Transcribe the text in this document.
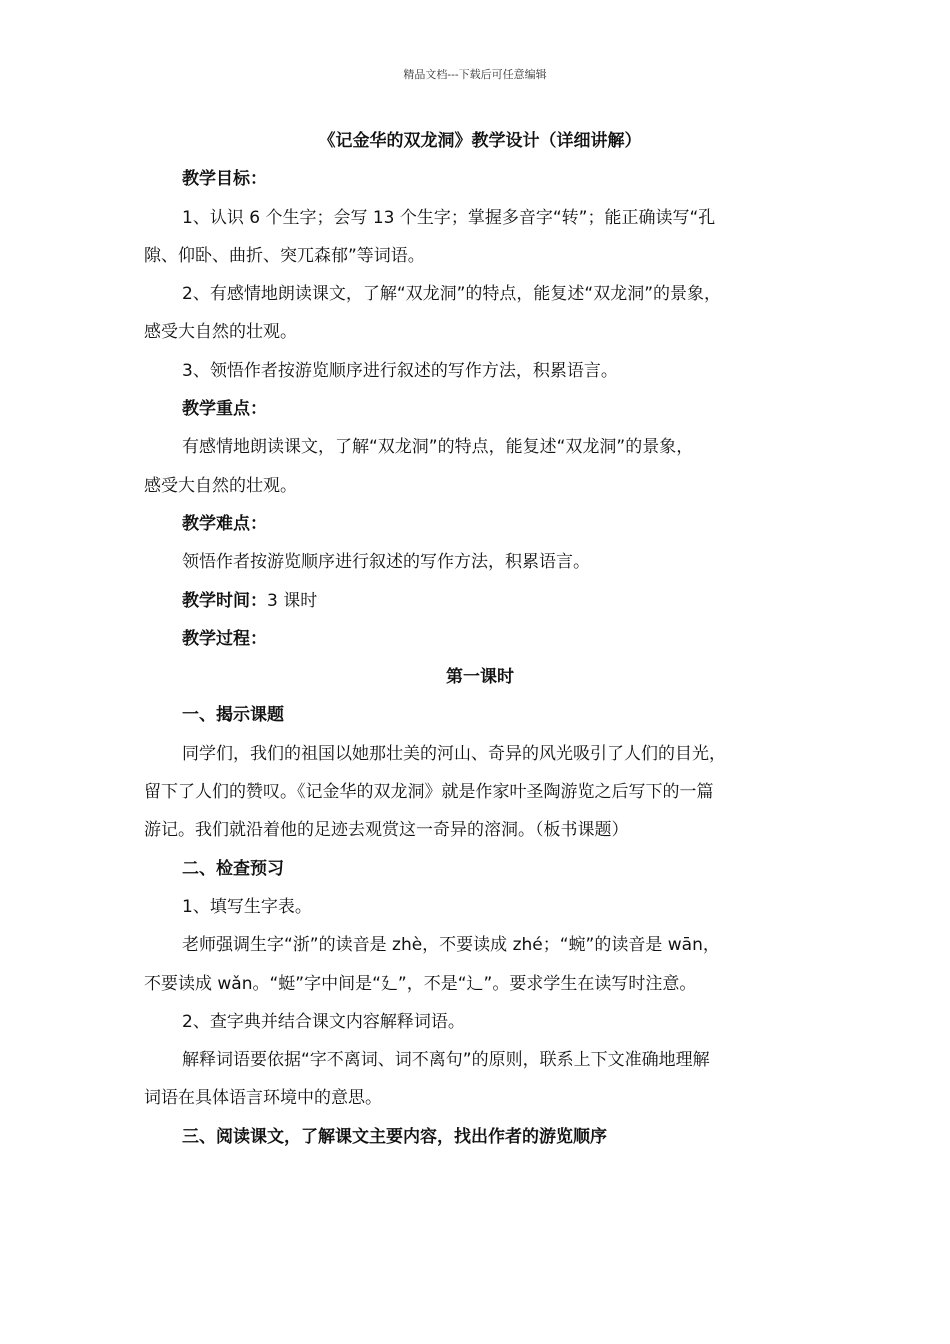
精品文档---下载后可任意编辑
《记金华的双龙洞》教学设计（详细讲解）
教学目标：
1、认识 6 个生字；会写 13 个生字；掌握多音字“转”；能正确读写“孔
隙、仰卧、曲折、突兀森郁”等词语。
2、有感情地朗读课文，了解“双龙洞”的特点，能复述“双龙洞”的景象，
感受大自然的壮观。
3、领悟作者按游览顺序进行叙述的写作方法，积累语言。
教学重点：
有感情地朗读课文，了解“双龙洞”的特点，能复述“双龙洞”的景象，
感受大自然的壮观。
教学难点：
领悟作者按游览顺序进行叙述的写作方法，积累语言。
教学时间：3 课时
教学过程：
第一课时
一、揭示课题
同学们，我们的祖国以她那壮美的河山、奇异的风光吸引了人们的目光，
留下了人们的赞叹。《记金华的双龙洞》就是作家叶圣陶游览之后写下的一篇
游记。我们就沿着他的足迹去观赏这一奇异的溶洞。（板书课题）
二、检查预习
1、填写生字表。
老师强调生字“浙”的读音是 zhè，不要读成 zhé；“蜿”的读音是 wān，
不要读成 wǎn。“蜓”字中间是“廴”，不是“辶”。要求学生在读写时注意。
2、查字典并结合课文内容解释词语。
解释词语要依据“字不离词、词不离句”的原则，联系上下文准确地理解
词语在具体语言环境中的意思。
三、阅读课文，了解课文主要内容，找出作者的游览顺序
